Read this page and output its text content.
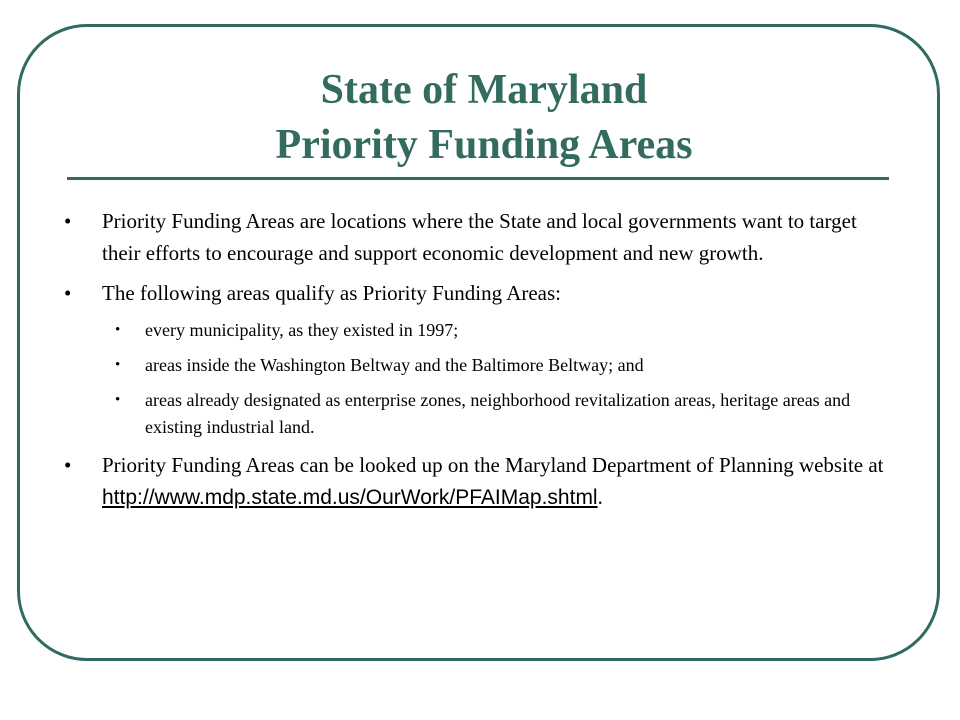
State of Maryland
Priority Funding Areas
• Priority Funding Areas are locations where the State and local governments want to target their efforts to encourage and support economic development and new growth.
• The following areas qualify as Priority Funding Areas:
• every municipality, as they existed in 1997;
• areas inside the Washington Beltway and the Baltimore Beltway; and
• areas already designated as enterprise zones, neighborhood revitalization areas, heritage areas and existing industrial land.
• Priority Funding Areas can be looked up on the Maryland Department of Planning website at http://www.mdp.state.md.us/OurWork/PFAIMap.shtml.
